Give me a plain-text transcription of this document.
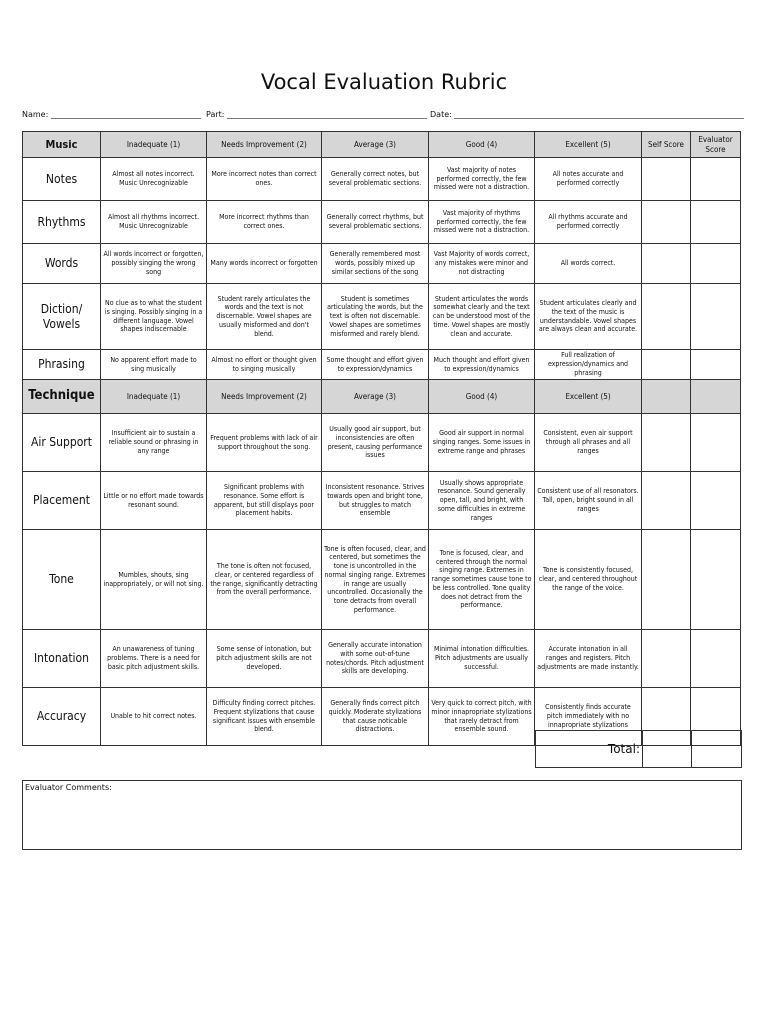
Vocal Evaluation Rubric
Name:	Part:	Date:
Music	Inadequate (1)	Needs Improvement (2)	Average (3)	Good (4)	Excellent (5)	Self Score	Evaluator Score
Notes	Almost all notes incorrect. Music Unrecognizable	More incorrect notes than correct ones.	Generally correct notes, but several problematic sections.	Vast majority of notes performed correctly, the few missed were not a distraction.	All notes accurate and performed correctly		
Rhythms	Almost all rhythms incorrect. Music Unrecognizable	More incorrect rhythms than correct ones.	Generally correct rhythms, but several problematic sections.	Vast majority of rhythms performed correctly, the few missed were not a distraction.	All rhythms accurate and performed correctly		
Words	All words incorrect or forgotten, possibly singing the wrong song	Many words incorrect or forgotten	Generally remembered most words, possibly mixed up similar sections of the song	Vast Majority of words correct, any mistakes were minor and not distracting	All words correct.		
Diction/ Vowels	No clue as to what the student is singing. Possibly singing in a different language. Vowel shapes indiscernable	Student rarely articulates the words and the text is not discernable. Vowel shapes are usually misformed and don't blend.	Student is sometimes articulating the words, but the text is often not discernable. Vowel shapes are sometimes misformed and rarely blend.	Student articulates the words somewhat clearly and the text can be understood most of the time. Vowel shapes are mostly clean and accurate.	Student articulates clearly and the text of the music is understandable. Vowel shapes are always clean and accurate.		
Phrasing	No apparent effort made to sing musically	Almost no effort or thought given to singing musically	Some thought and effort given to expression/dynamics	Much thought and effort given to expression/dynamics	Full realization of expression/dynamics and phrasing		
Technique	Inadequate (1)	Needs Improvement (2)	Average (3)	Good (4)	Excellent (5)		
Air Support	Insufficient air to sustain a reliable sound or phrasing in any range	Frequent problems with lack of air support throughout the song.	Usually good air support, but inconsistencies are often present, causing performance issues	Good air support in normal singing ranges. Some issues in extreme range and phrases	Consistent, even air support through all phrases and all ranges		
Placement	Little or no effort made towards resonant sound.	Significant problems with resonance. Some effort is apparent, but still displays poor placement habits.	Inconsistent resonance. Strives towards open and bright tone, but struggles to match ensemble	Usually shows appropriate resonance. Sound generally open, tall, and bright, with some difficulties in extreme ranges	Consistent use of all resonators. Tall, open, bright sound in all ranges		
Tone	Mumbles, shouts, sing inappropriately, or will not sing.	The tone is often not focused, clear, or centered regardless of the range, significantly detracting from the overall performance.	Tone is often focused, clear, and centered, but sometimes the tone is uncontrolled in the normal singing range. Extremes in range are usually uncontrolled. Occasionally the tone detracts from overall performance.	Tone is focused, clear, and centered through the normal singing range. Extremes in range sometimes cause tone to be less controlled. Tone quality does not detract from the performance.	Tone is consistently focused, clear, and centered throughout the range of the voice.		
Intonation	An unawareness of tuning problems. There is a need for basic pitch adjustment skills.	Some sense of intonation, but pitch adjustment skills are not developed.	Generally accurate intonation with some out-of-tune notes/chords. Pitch adjustment skills are developing.	Minimal intonation difficulties. Pitch adjustments are usually successful.	Accurate intonation in all ranges and registers. Pitch adjustments are made instantly.		
Accuracy	Unable to hit correct notes.	Difficulty finding correct pitches. Frequent stylizations that cause significant issues with ensemble blend.	Generally finds correct pitch quickly. Moderate stylizations that cause noticable distractions.	Very quick to correct pitch, with minor innapropriate stylizations that rarely detract from ensemble sound.	Consistently finds accurate pitch immediately with no innapropriate stylizations		
Total:		
Evaluator Comments:
